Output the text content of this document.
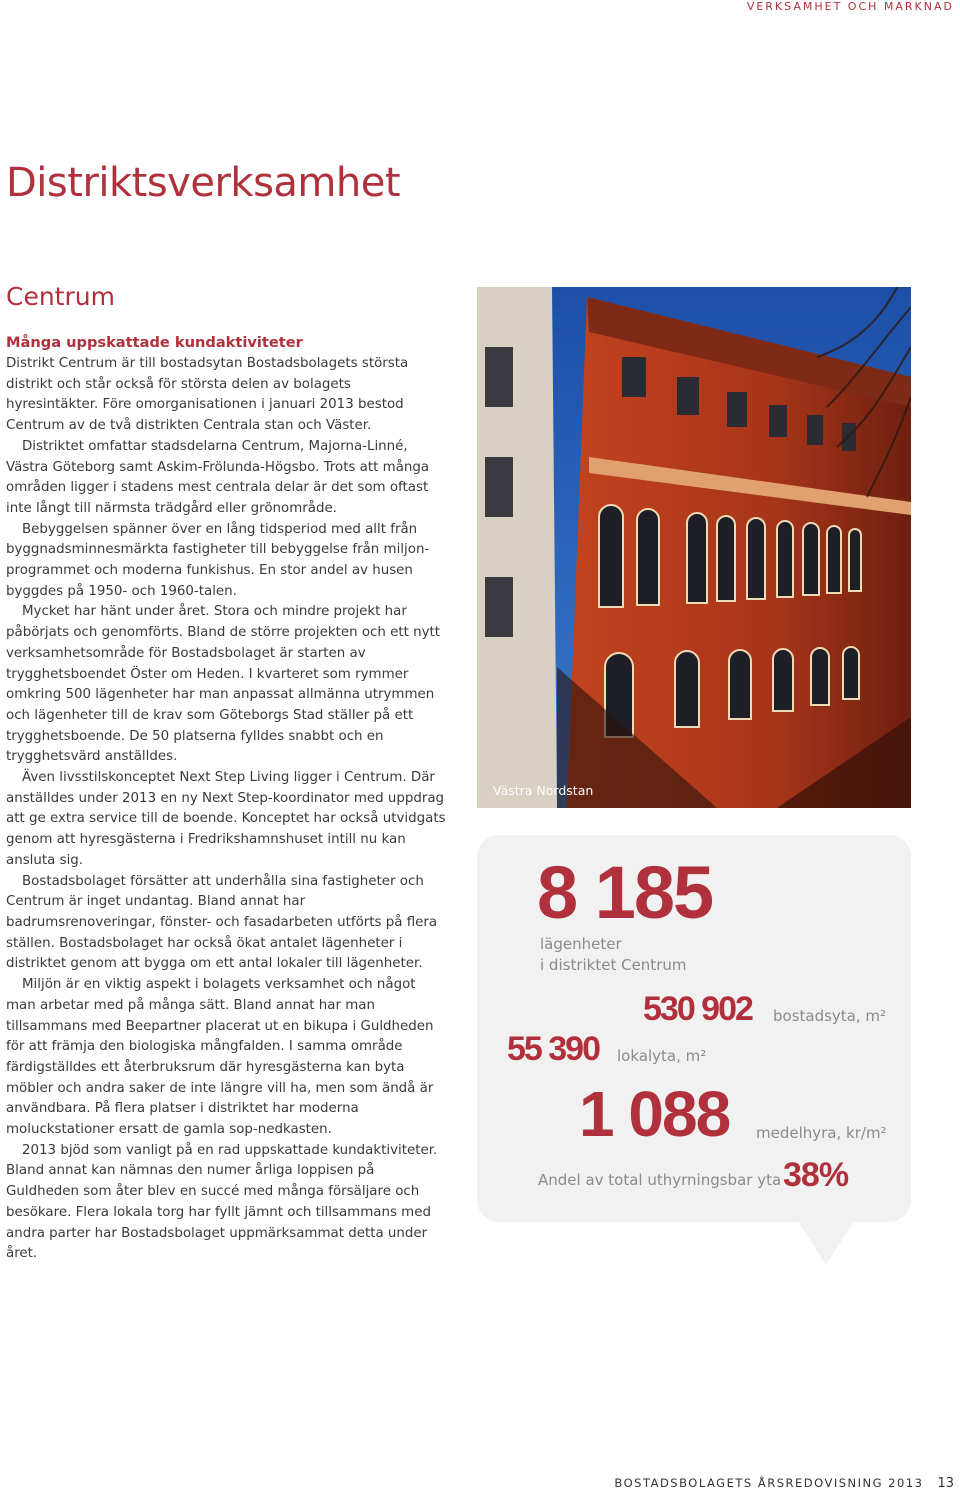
VERKSAMHET OCH MARKNAD
Distriktsverksamhet
Centrum

Många uppskattade kundaktiviteter

Distrikt Centrum är till bostadsytan Bostadsbolagets största distrikt och står också för största delen av bolagets hyresintäkter. Före omorganisationen i januari 2013 bestod Centrum av de två distrikten Centrala stan och Väster.

Distriktet omfattar stadsdelarna Centrum, Majorna-Linné, Västra Göteborg samt Askim-Frölunda-Högsbo. Trots att många områden ligger i stadens mest centrala delar är det som oftast inte långt till närmsta trädgård eller grönområde.

Bebyggelsen spänner över en lång tidsperiod med allt från byggnadsminnesmärkta fastigheter till bebyggelse från miljon-programmet och moderna funkishus. En stor andel av husen byggdes på 1950- och 1960-talen.

Mycket har hänt under året. Stora och mindre projekt har påbörjats och genomförts. Bland de större projekten och ett nytt verksamhetsområde för Bostadsbolaget är starten av trygghetsboendet Öster om Heden. I kvarteret som rymmer omkring 500 lägenheter har man anpassat allmänna utrymmen och lägenheter till de krav som Göteborgs Stad ställer på ett trygghetsboende. De 50 platserna fylldes snabbt och en trygghetsvärd anställdes.

Även livsstilskonceptet Next Step Living ligger i Centrum. Där anställdes under 2013 en ny Next Step-koordinator med uppdrag att ge extra service till de boende. Konceptet har också utvidgats genom att hyresgästerna i Fredrikshamnshuset intill nu kan ansluta sig.

Bostadsbolaget försätter att underhålla sina fastigheter och Centrum är inget undantag. Bland annat har badrumsrenoveringar, fönster- och fasadarbeten utförts på flera ställen. Bostadsbolaget har också ökat antalet lägenheter i distriktet genom att bygga om ett antal lokaler till lägenheter.

Miljön är en viktig aspekt i bolagets verksamhet och något man arbetar med på många sätt. Bland annat har man tillsammans med Beepartner placerat ut en bikupa i Guldheden för att främja den biologiska mångfalden. I samma område färdigställdes ett återbruksrum där hyresgästerna kan byta möbler och andra saker de inte längre vill ha, men som ändå är användbara. På flera platser i distriktet har moderna moluckstationer ersatt de gamla sop-nedkasten.

2013 bjöd som vanligt på en rad uppskattade kundaktiviteter. Bland annat kan nämnas den numer årliga loppisen på Guldheden som åter blev en succé med många försäljare och besökare. Flera lokala torg har fyllt jämnt och tillsammans med andra parter har Bostadsbolaget uppmärksammat detta under året.

Västra Nordstan
8 185
lägenheter
i distriktet Centrum
530 902 bostadsyta, m²
55 390 lokalyta, m²
1 088 medelhyra, kr/m²
Andel av total uthyrningsbar yta 38%
BOSTADSBOLAGETS ÅRSREDOVISNING 2013 13
